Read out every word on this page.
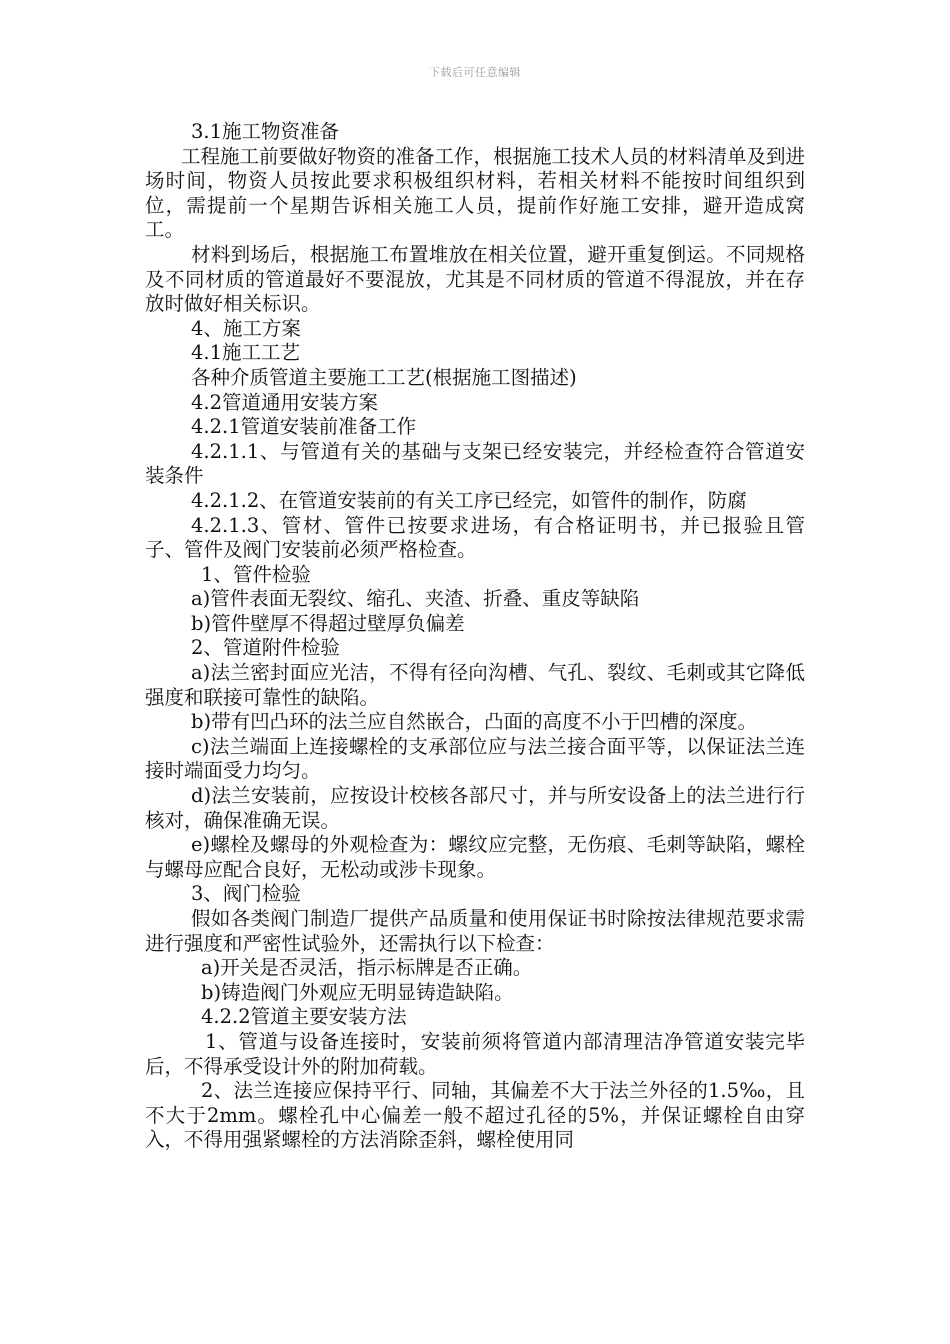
下载后可任意编辑

3.1施工物资准备

工程施工前要做好物资的准备工作，根据施工技术人员的材料清单及到进场时间，物资人员按此要求积极组织材料，若相关材料不能按时间组织到位，需提前一个星期告诉相关施工人员，提前作好施工安排，避开造成窝工。

材料到场后，根据施工布置堆放在相关位置，避开重复倒运。不同规格及不同材质的管道最好不要混放，尤其是不同材质的管道不得混放，并在存放时做好相关标识。

4、施工方案

4.1施工工艺

各种介质管道主要施工工艺(根据施工图描述)

4.2管道通用安装方案

4.2.1管道安装前准备工作

4.2.1.1、与管道有关的基础与支架已经安装完，并经检查符合管道安装条件

4.2.1.2、在管道安装前的有关工序已经完，如管件的制作，防腐

4.2.1.3、管材、管件已按要求进场，有合格证明书，并已报验且管子、管件及阀门安装前必须严格检查。

1、管件检验

a)管件表面无裂纹、缩孔、夹渣、折叠、重皮等缺陷

b)管件壁厚不得超过壁厚负偏差

2、管道附件检验

a)法兰密封面应光洁，不得有径向沟槽、气孔、裂纹、毛刺或其它降低强度和联接可靠性的缺陷。

b)带有凹凸环的法兰应自然嵌合，凸面的高度不小于凹槽的深度。

c)法兰端面上连接螺栓的支承部位应与法兰接合面平等，以保证法兰连接时端面受力均匀。

d)法兰安装前，应按设计校核各部尺寸，并与所安设备上的法兰进行行核对，确保准确无误。

e)螺栓及螺母的外观检查为：螺纹应完整，无伤痕、毛刺等缺陷，螺栓与螺母应配合良好，无松动或涉卡现象。

3、阀门检验

假如各类阀门制造厂提供产品质量和使用保证书时除按法律规范要求需进行强度和严密性试验外，还需执行以下检查：

a)开关是否灵活，指示标牌是否正确。

b)铸造阀门外观应无明显铸造缺陷。

4.2.2管道主要安装方法

1、管道与设备连接时，安装前须将管道内部清理洁净管道安装完毕后，不得承受设计外的附加荷载。

2、法兰连接应保持平行、同轴，其偏差不大于法兰外径的1.5‰，且不大于2mm。螺栓孔中心偏差一般不超过孔径的5%，并保证螺栓自由穿入，不得用强紧螺栓的方法消除歪斜，螺栓使用同
